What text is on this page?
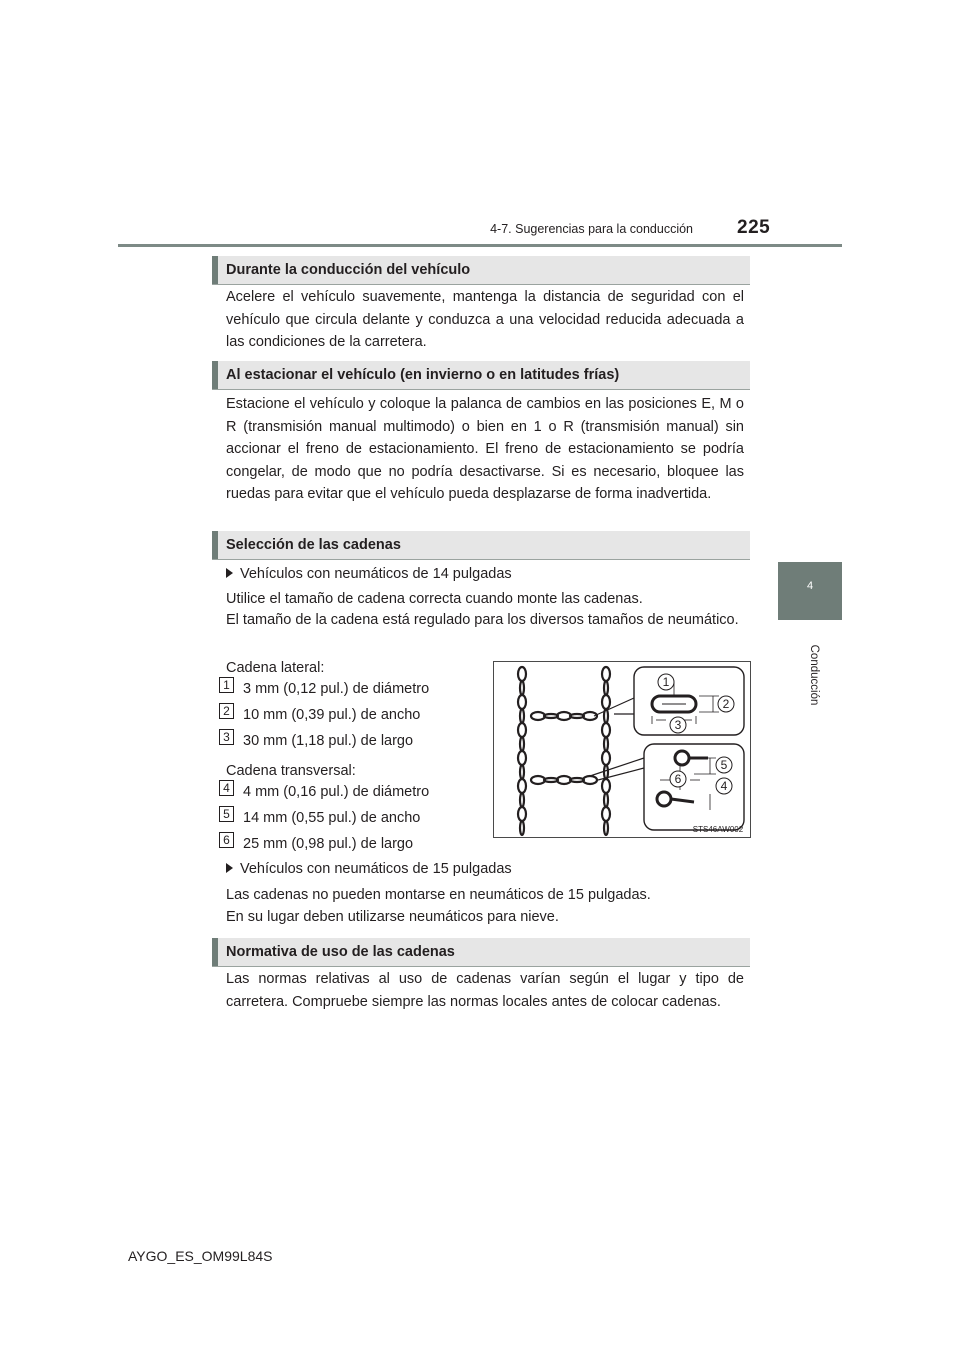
4-7. Sugerencias para la conducción 225
4
Conducción
Durante la conducción del vehículo

Acelere el vehículo suavemente, mantenga la distancia de seguridad con el vehículo que circula delante y conduzca a una velocidad reducida adecuada a las condiciones de la carretera.

Al estacionar el vehículo (en invierno o en latitudes frías)

Estacione el vehículo y coloque la palanca de cambios en las posiciones E, M o R (transmisión manual multimodo) o bien en 1 o R (transmisión manual) sin accionar el freno de estacionamiento. El freno de estacionamiento se podría congelar, de modo que no podría desactivarse. Si es necesario, bloquee las ruedas para evitar que el vehículo pueda desplazarse de forma inadvertida.

Selección de las cadenas
Vehículos con neumáticos de 14 pulgadas
Utilice el tamaño de cadena correcta cuando monte las cadenas.

El tamaño de la cadena está regulado para los diversos tamaños de neumático.

Cadena lateral:
1 3 mm (0,12 pul.) de diámetro
2 10 mm (0,39 pul.) de ancho
3 30 mm (1,18 pul.) de largo
Cadena transversal:
4 4 mm (0,16 pul.) de diámetro
5 14 mm (0,55 pul.) de ancho
6 25 mm (0,98 pul.) de largo
Vehículos con neumáticos de 15 pulgadas
Las cadenas no pueden montarse en neumáticos de 15 pulgadas.
En su lugar deben utilizarse neumáticos para nieve.
1
2
3
5
6	4
STS46AW002
Normativa de uso de las cadenas

Las normas relativas al uso de cadenas varían según el lugar y tipo de carretera. Compruebe siempre las normas locales antes de colocar cadenas.

AYGO_ES_OM99L84S
